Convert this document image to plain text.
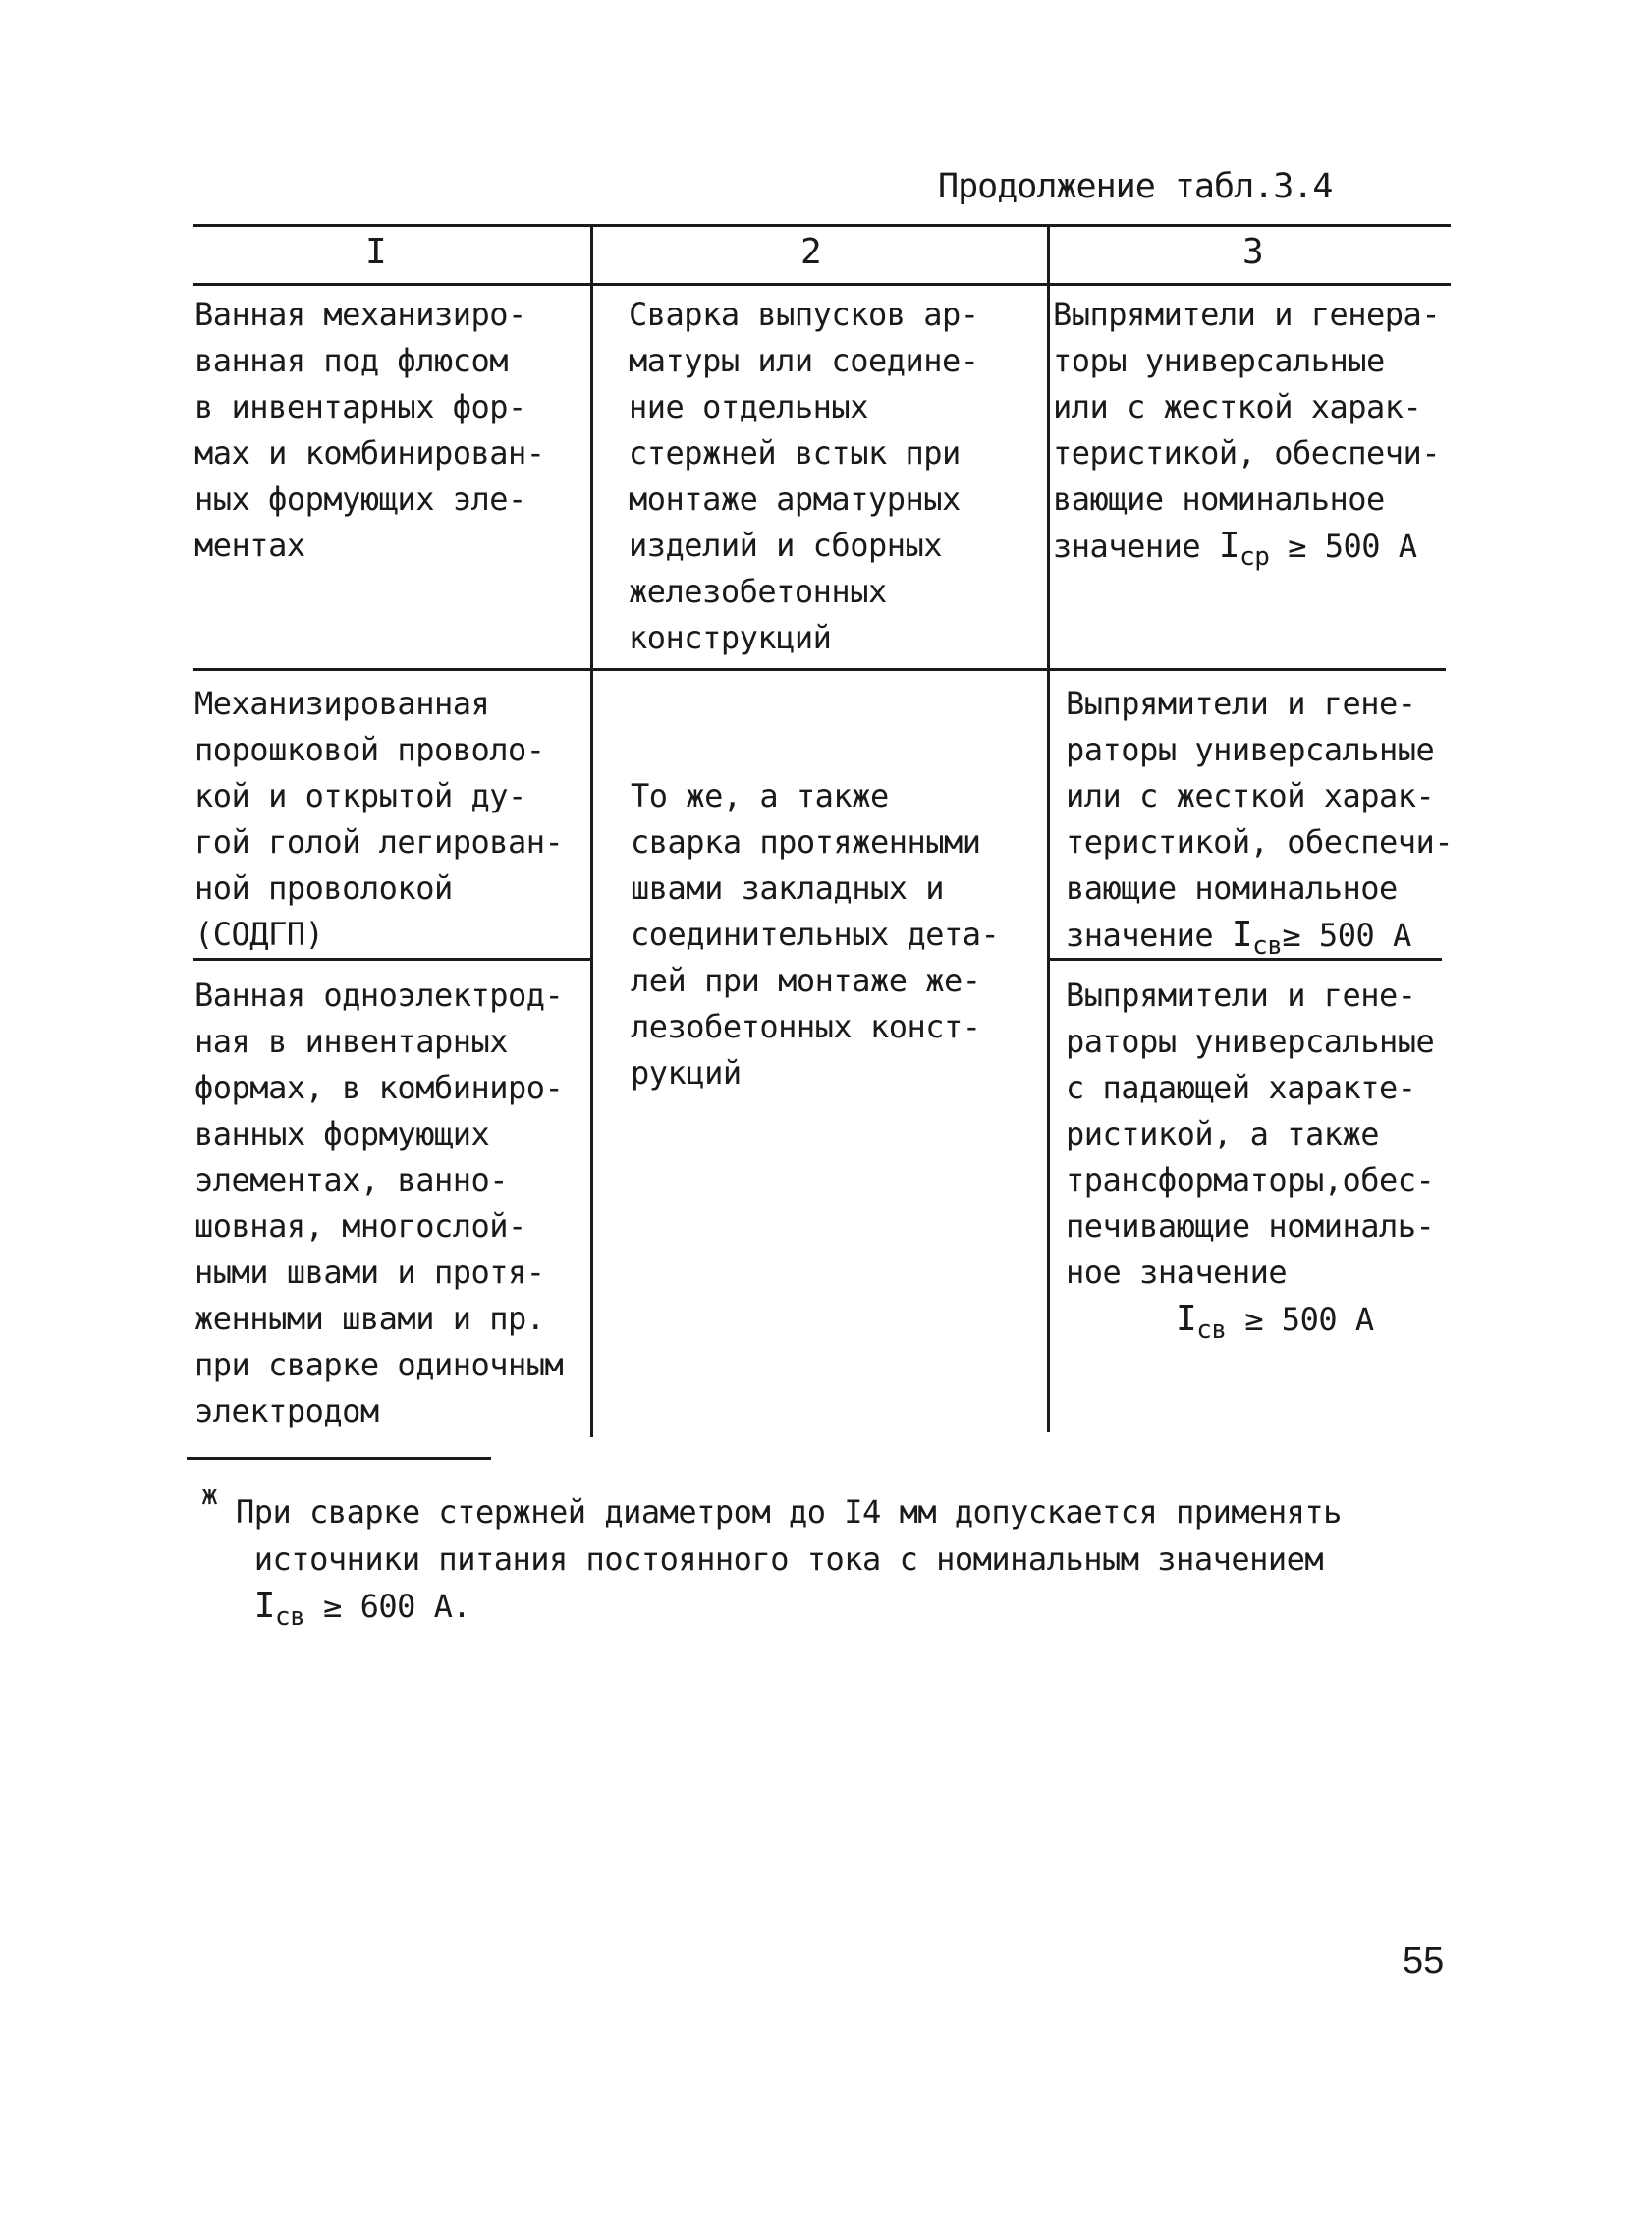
Продолжение табл.3.4
I	2	3
Ванная механизиро-
ванная под флюсом
в инвентарных фор-
мах и комбинирован-
ных формующих эле-
ментах
Сварка выпусков ар-
матуры или соедине-
ние отдельных
стержней встык при
монтаже арматурных
изделий и сборных
железобетонных
конструкций
Выпрямители и генера-
торы универсальные
или с жесткой харак-
теристикой, обеспечи-
вающие номинальное
значение $I_{ср} \ge 500$ А
Механизированная
порошковой проволо-
кой и открытой ду-
гой голой легирован-
ной проволокой
(СОДГП)
Выпрямители и гене-
раторы универсальные
или с жесткой харак-
теристикой, обеспечи-
вающие номинальное
значение $I_{св}\ge 500$ А
То же, а также
сварка протяженными
швами закладных и
соединительных дета-
лей при монтаже же-
лезобетонных конст-
рукций
Ванная одноэлектрод-
ная в инвентарных
формах, в комбиниро-
ванных формующих
элементах, ванно-
шовная, многослой-
ными швами и протя-
женными швами и пр.
при сварке одиночным
электродом
Выпрямители и гене-
раторы универсальные
с падающей характе-
ристикой, а также
трансформаторы,обес-
печивающие номиналь-
ное значение
$I_{св} \ge 500$ А
ж При сварке стержней диаметром до I4 мм допускается применять
источники питания постоянного тока с номинальным значением
$I_{св} \ge 600$ А.
55
